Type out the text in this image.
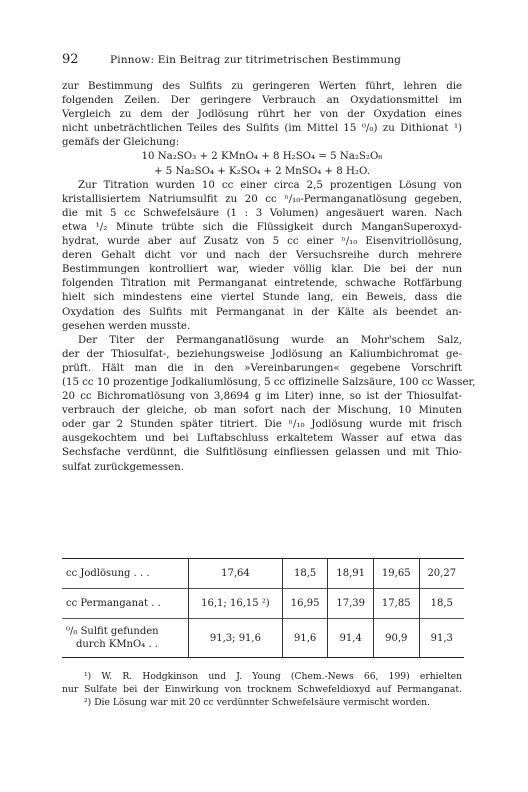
92	Pinnow: Ein Beitrag zur titrimetrischen Bestimmung
zur Bestimmung des Sulfits zu geringeren Werten führt, lehren die
folgenden Zeilen. Der geringere Verbrauch an Oxydationsmittel im
Vergleich zu dem der Jodlösung rührt her von der Oxydation eines
nicht unbeträchtlichen Teiles des Sulfits (im Mittel 15 ⁰/₀) zu Dithionat ¹)
gemäfs der Gleichung:
10 Na₂SO₃ + 2 KMnO₄ + 8 H₂SO₄ = 5 Na₂S₂O₆
+ 5 Na₂SO₄ + K₂SO₄ + 2 MnSO₄ + 8 H₂O.
Zur Titration wurden 10 cc einer circa 2,5 prozentigen Lösung von
kristallisiertem Natriumsulfit zu 20 cc ⁿ/₁₀-Permanganatlösung gegeben,
die mit 5 cc Schwefelsäure (1 : 3 Volumen) angesäuert waren. Nach
etwa ¹/₂ Minute trübte sich die Flüssigkeit durch ManganSuperoxyd-
hydrat, wurde aber auf Zusatz von 5 cc einer ⁿ/₁₀ Eisenvitriollösung,
deren Gehalt dicht vor und nach der Versuchsreihe durch mehrere
Bestimmungen kontrolliert war, wieder völlig klar. Die bei der nun
folgenden Titration mit Permanganat eintretende, schwache Rotfärbung
hielt sich mindestens eine viertel Stunde lang, ein Beweis, dass die
Oxydation des Sulfits mit Permanganat in der Kälte als beendet an-
gesehen werden musste.
Der Titer der Permanganatlösung wurde an Mohr'schem Salz,
der der Thiosulfat-, beziehungsweise Jodlösung an Kaliumbichromat ge-
prüft. Hält man die in den »Vereinbarungen« gegebene Vorschrift
(15 cc 10 prozentige Jodkaliumlösung, 5 cc offizinelle Salzsäure, 100 cc Wasser,
20 cc Bichromatlösung von 3,8694 g im Liter) inne, so ist der Thiosulfat-
verbrauch der gleiche, ob man sofort nach der Mischung, 10 Minuten
oder gar 2 Stunden später titriert. Die ⁿ/₁₀ Jodlösung wurde mit frisch
ausgekochtem und bei Luftabschluss erkaltetem Wasser auf etwa das
Sechsfache verdünnt, die Sulfitlösung einfliessen gelassen und mit Thio-
sulfat zurückgemessen.
cc Jodlösung . . .	17,64	18,5	18,91	19,65	20,27
cc Permanganat . .	16,1; 16,15 ²)	16,95	17,39	17,85	18,5

⁰/₀ Sulfit gefunden
durch KMnO₄ . .	91,3; 91,6	91,6	91,4	90,9	91,3
¹) W. R. Hodgkinson und J. Young (Chem.-News 66, 199) erhielten
nur Sulfate bei der Einwirkung von trocknem Schwefeldioxyd auf Permanganat.
²) Die Lösung war mit 20 cc verdünnter Schwefelsäure vermischt worden.
